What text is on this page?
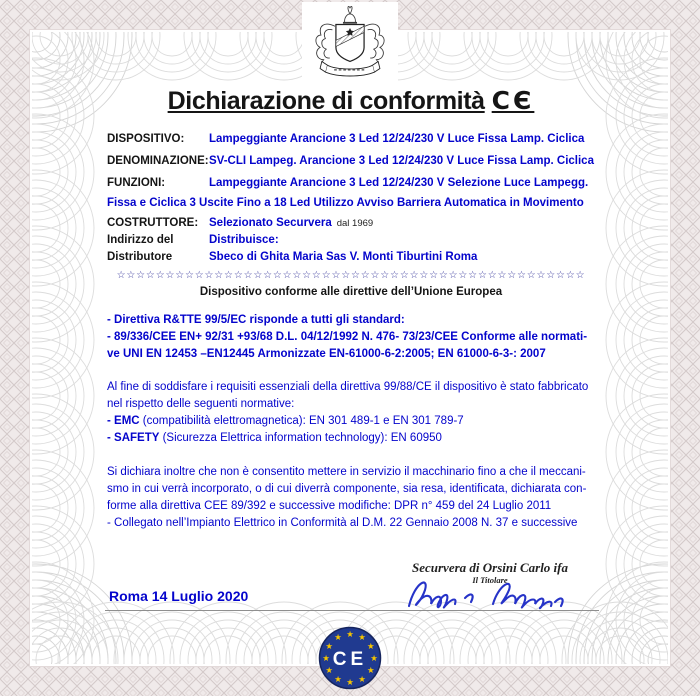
Dichiarazione di conformità CЄ
DISPOSITIVO:	Lampeggiante Arancione 3 Led 12/24/230 V Luce Fissa Lamp. Ciclica
DENOMINAZIONE: SV-CLI Lampeg. Arancione 3 Led 12/24/230 V Luce Fissa Lamp. Ciclica
FUNZIONI:	Lampeggiante Arancione 3 Led 12/24/230 V Selezione Luce Lampegg.
Fissa e Ciclica 3 Uscite Fino a 18 Led Utilizzo Avviso Barriera Automatica in Movimento
COSTRUTTORE: Selezionato Securvera dal 1969
Indirizzo del	Distribuisce:
Distributore	Sbeco di Ghita Maria Sas V. Monti Tiburtini Roma
☆☆☆☆☆☆☆☆☆☆☆☆☆☆☆☆☆☆☆☆☆☆☆☆☆☆☆☆☆☆☆☆☆☆☆☆☆☆☆☆☆☆☆☆☆☆☆☆
Dispositivo conforme alle direttive dell’Unione Europea
- Direttiva R&TTE 99/5/EC risponde a tutti gli standard:
- 89/336/CEE EN+ 92/31 +93/68 D.L. 04/12/1992 N. 476- 73/23/CEE Conforme alle normati-
ve UNI EN 12453 –EN12445 Armonizzate EN-61000-6-2:2005; EN 61000-6-3-: 2007
Al fine di soddisfare i requisiti essenziali della direttiva 99/88/CE il dispositivo è stato fabbricato
nel rispetto delle seguenti normative:
- EMC (compatibilità elettromagnetica): EN 301 489-1 e EN 301 789-7
- SAFETY (Sicurezza Elettrica information technology): EN 60950
Si dichiara inoltre che non è consentito mettere in servizio il macchinario fino a che il meccani-
smo in cui verrà incorporato, o di cui diverrà componente, sia resa, identificata, dichiarata con-
forme alla direttiva CEE 89/392 e successive modifiche: DPR n° 459 del 24 Luglio 2011
- Collegato nell’Impianto Elettrico in Conformità al D.M. 22 Gennaio 2008 N. 37 e successive
Securvera di Orsini Carlo ifa
Il Titolare
Roma 14 Luglio 2020
★ ★
★
★
★
★
★
★
★
★
★
★
CE
